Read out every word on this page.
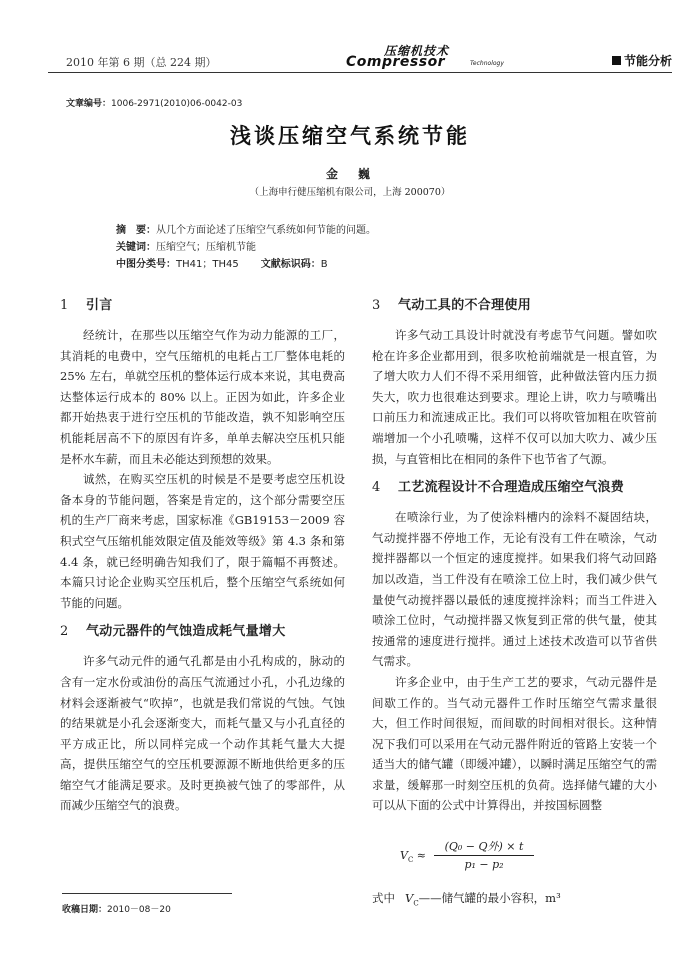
2010 年第 6 期（总 224 期）
压缩机技术
Compressor	Technology	节能分析
文章编号：1006-2971(2010)06-0042-03
浅谈压缩空气系统节能
金　巍
（上海申行健压缩机有限公司，上海 200070）
摘　要：从几个方面论述了压缩空气系统如何节能的问题。
关键词：压缩空气；压缩机节能
中图分类号：TH41；TH45 文献标识码：B
1 引言

经统计，在那些以压缩空气作为动力能源的工厂，其消耗的电费中，空气压缩机的电耗占工厂整体电耗的 25% 左右，单就空压机的整体运行成本来说，其电费高达整体运行成本的 80% 以上。正因为如此，许多企业都开始热衷于进行空压机的节能改造，孰不知影响空压机能耗居高不下的原因有许多，单单去解决空压机只能是杯水车薪，而且未必能达到预想的效果。

诚然，在购买空压机的时候是不是要考虑空压机设备本身的节能问题，答案是肯定的，这个部分需要空压机的生产厂商来考虑，国家标准《GB19153－2009 容积式空气压缩机能效限定值及能效等级》第 4.3 条和第 4.4 条，就已经明确告知我们了，限于篇幅不再赘述。本篇只讨论企业购买空压机后，整个压缩空气系统如何节能的问题。

2 气动元器件的气蚀造成耗气量增大

许多气动元件的通气孔都是由小孔构成的，脉动的含有一定水份或油份的高压气流通过小孔，小孔边缘的材料会逐渐被气“吹掉”，也就是我们常说的气蚀。气蚀的结果就是小孔会逐渐变大，而耗气量又与小孔直径的平方成正比，所以同样完成一个动作其耗气量大大提高，提供压缩空气的空压机要源源不断地供给更多的压缩空气才能满足要求。及时更换被气蚀了的零部件，从而减少压缩空气的浪费。

3 气动工具的不合理使用

许多气动工具设计时就没有考虑节气问题。譬如吹枪在许多企业都用到，很多吹枪前端就是一根直管，为了增大吹力人们不得不采用细管，此种做法管内压力损失大，吹力也很难达到要求。理论上讲，吹力与喷嘴出口前压力和流速成正比。我们可以将吹管加粗在吹管前端增加一个小孔喷嘴，这样不仅可以加大吹力、减少压损，与直管相比在相同的条件下也节省了气源。

4 工艺流程设计不合理造成压缩空气浪费

在喷涂行业，为了使涂料槽内的涂料不凝固结块，气动搅拌器不停地工作，无论有没有工件在喷涂，气动搅拌器都以一个恒定的速度搅拌。如果我们将气动回路加以改造，当工件没有在喷涂工位上时，我们减少供气量使气动搅拌器以最低的速度搅拌涂料；而当工件进入喷涂工位时，气动搅拌器又恢复到正常的供气量，使其按通常的速度进行搅拌。通过上述技术改造可以节省供气需求。

许多企业中，由于生产工艺的要求，气动元器件是间歇工作的。当气动元器件工作时压缩空气需求量很大，但工作时间很短，而间歇的时间相对很长。这种情况下我们可以采用在气动元器件附近的管路上安装一个适当大的储气罐（即缓冲罐），以瞬时满足压缩空气的需求量，缓解那一时刻空压机的负荷。选择储气罐的大小可以从下面的公式中计算得出，并按国标圆整

$V_C$ ≈
(Q₀ − Q外) × t
p₁ − p₂
式中 $V_C——$储气罐的最小容积，m³
收稿日期：2010－08－20
